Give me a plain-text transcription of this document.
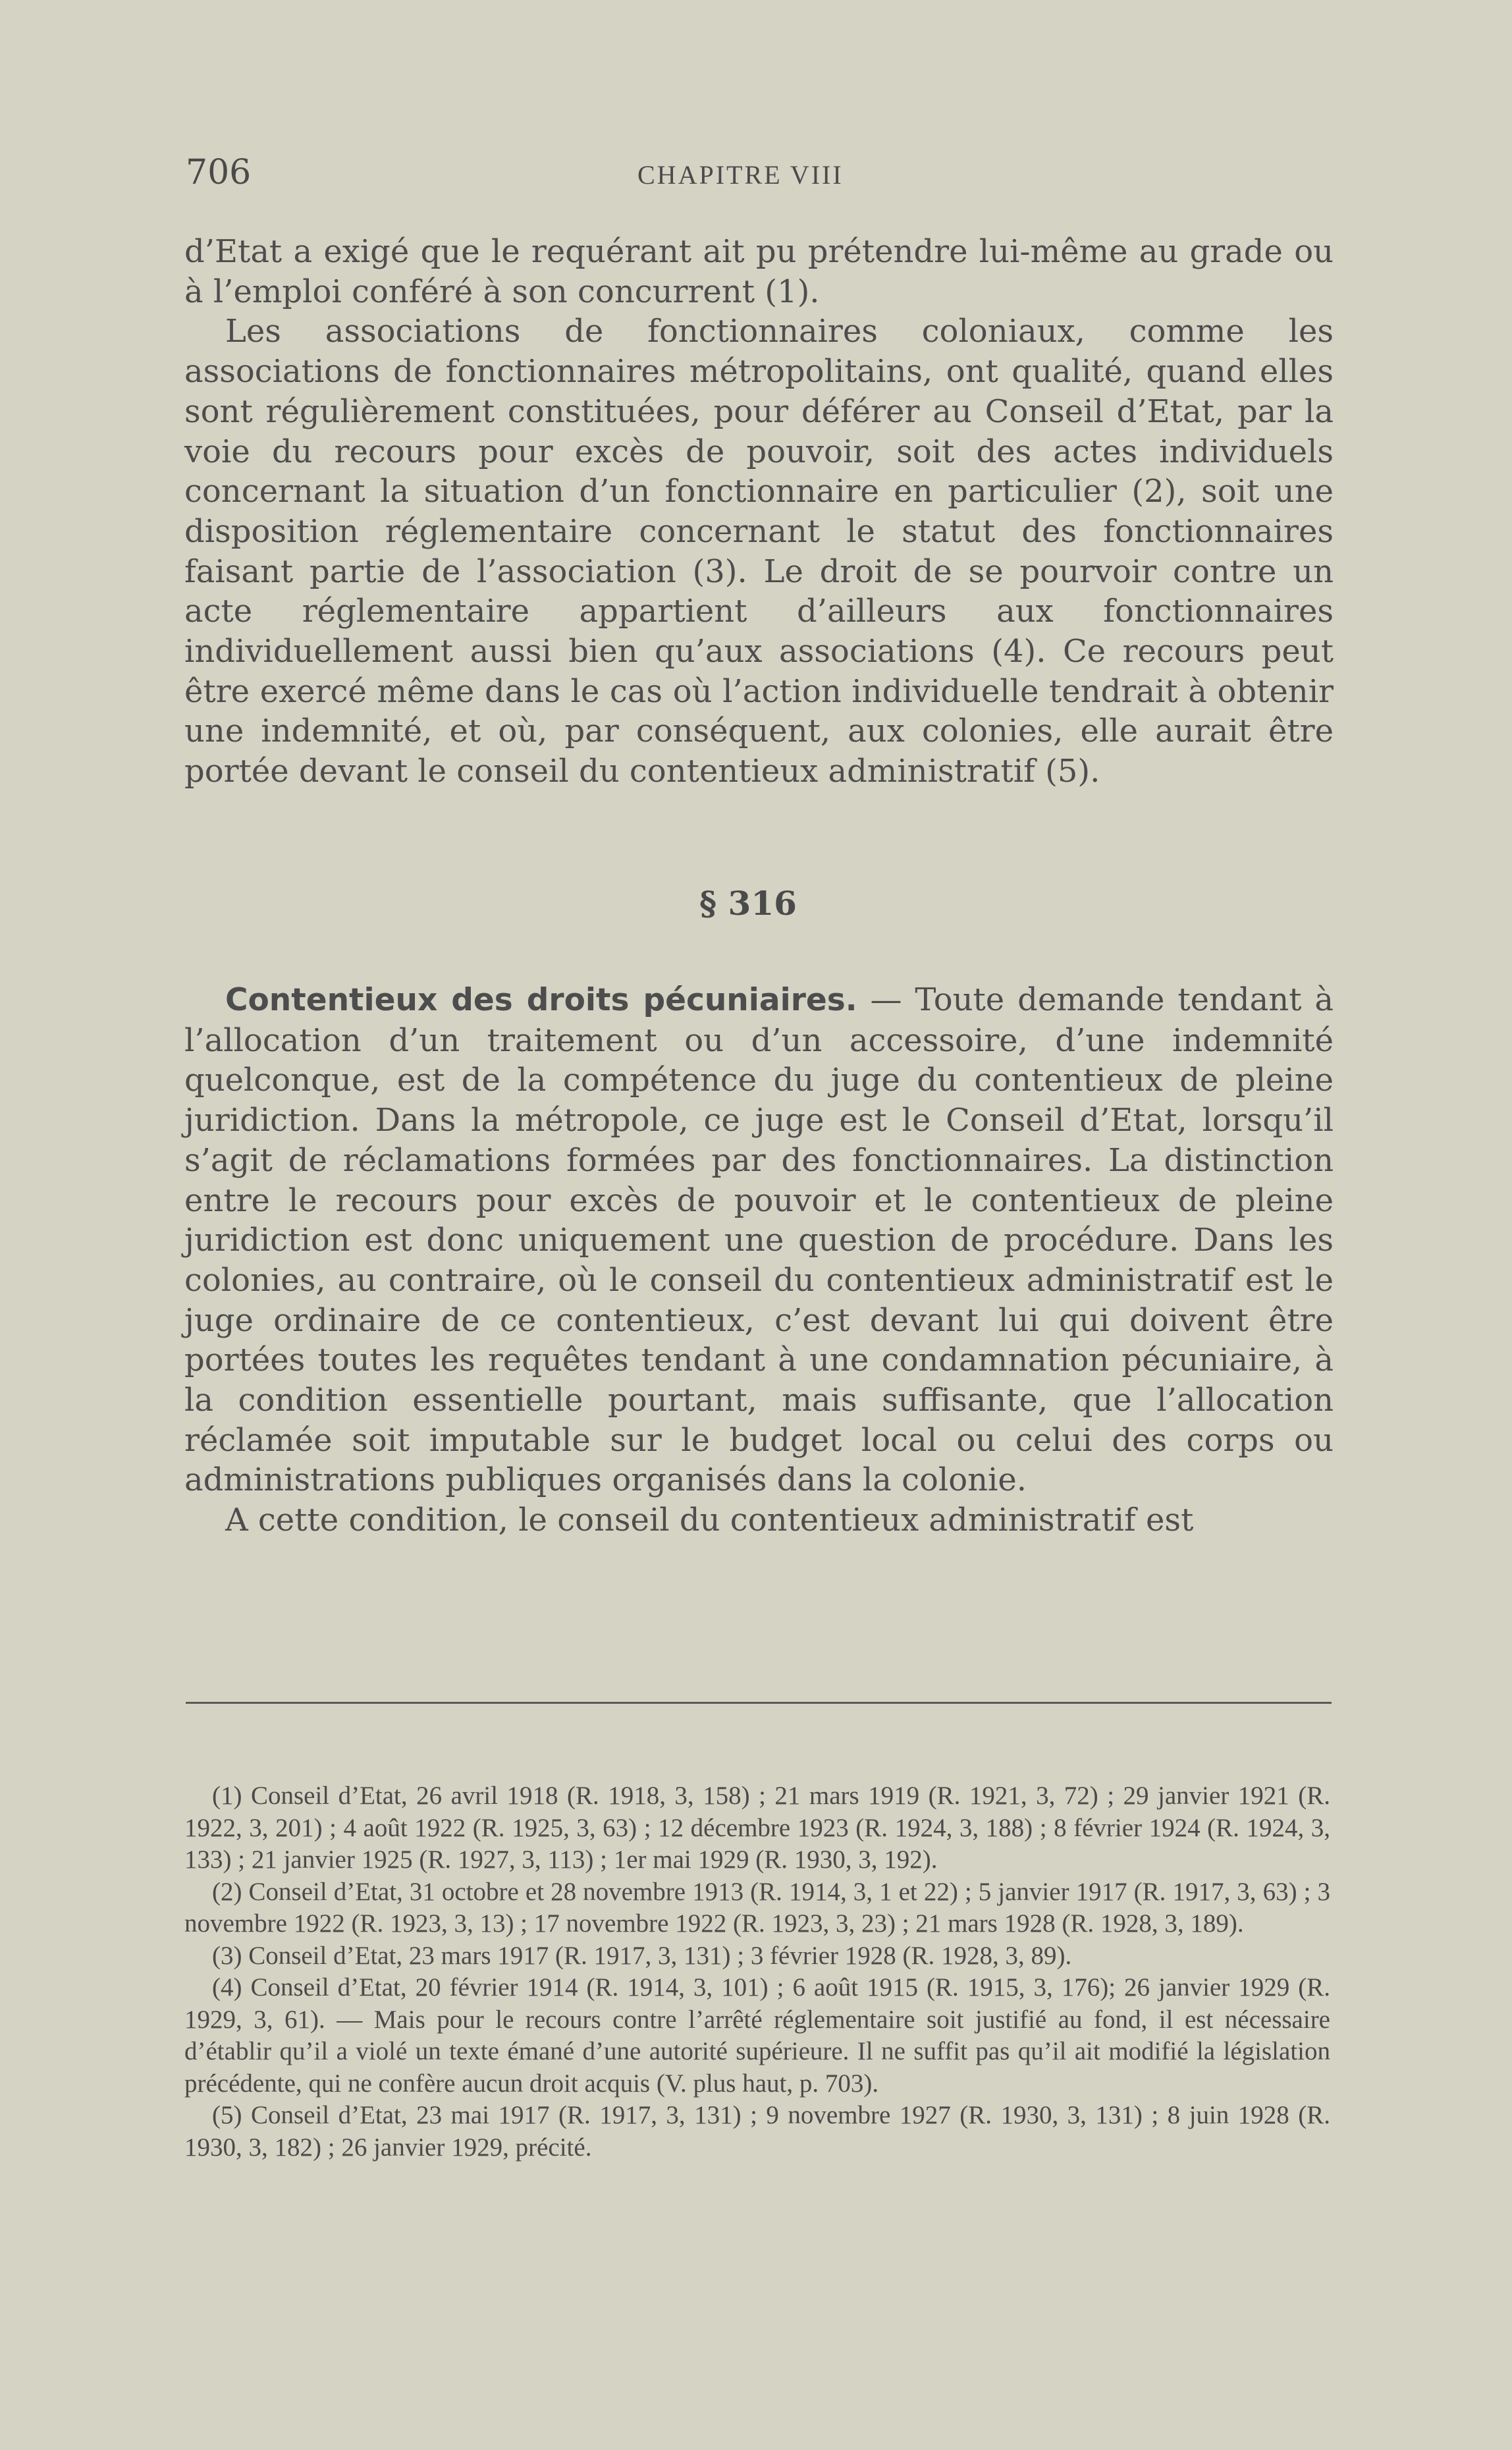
706	CHAPITRE VIII
d’Etat a exigé que le requérant ait pu prétendre lui-même au grade ou à l’emploi conféré à son concurrent (1).
Les associations de fonctionnaires coloniaux, comme les associations de fonctionnaires métropolitains, ont qualité, quand elles sont régulièrement constituées, pour déférer au Conseil d’Etat, par la voie du recours pour excès de pouvoir, soit des actes individuels concernant la situation d’un fonctionnaire en particulier (2), soit une disposition réglementaire concernant le statut des fonctionnaires faisant partie de l’association (3). Le droit de se pourvoir contre un acte réglementaire appartient d’ailleurs aux fonctionnaires individuellement aussi bien qu’aux associations (4). Ce recours peut être exercé même dans le cas où l’action individuelle tendrait à obtenir une indemnité, et où, par conséquent, aux colonies, elle aurait être portée devant le conseil du contentieux administratif (5).
§ 316
Contentieux des droits pécuniaires. — Toute demande tendant à l’allocation d’un traitement ou d’un accessoire, d’une indemnité quelconque, est de la compétence du juge du contentieux de pleine juridiction. Dans la métropole, ce juge est le Conseil d’Etat, lorsqu’il s’agit de réclamations formées par des fonctionnaires. La distinction entre le recours pour excès de pouvoir et le contentieux de pleine juridiction est donc uniquement une question de procédure. Dans les colonies, au contraire, où le conseil du contentieux administratif est le juge ordinaire de ce contentieux, c’est devant lui qui doivent être portées toutes les requêtes tendant à une condamnation pécuniaire, à la condition essentielle pourtant, mais suffisante, que l’allocation réclamée soit imputable sur le budget local ou celui des corps ou administrations publiques organisés dans la colonie.
A cette condition, le conseil du contentieux administratif est

(1) Conseil d’Etat, 26 avril 1918 (R. 1918, 3, 158) ; 21 mars 1919 (R. 1921, 3, 72) ; 29 janvier 1921 (R. 1922, 3, 201) ; 4 août 1922 (R. 1925, 3, 63) ; 12 décembre 1923 (R. 1924, 3, 188) ; 8 février 1924 (R. 1924, 3, 133) ; 21 janvier 1925 (R. 1927, 3, 113) ; 1er mai 1929 (R. 1930, 3, 192).

(2) Conseil d’Etat, 31 octobre et 28 novembre 1913 (R. 1914, 3, 1 et 22) ; 5 janvier 1917 (R. 1917, 3, 63) ; 3 novembre 1922 (R. 1923, 3, 13) ; 17 novembre 1922 (R. 1923, 3, 23) ; 21 mars 1928 (R. 1928, 3, 189).

(3) Conseil d’Etat, 23 mars 1917 (R. 1917, 3, 131) ; 3 février 1928 (R. 1928, 3, 89).

(4) Conseil d’Etat, 20 février 1914 (R. 1914, 3, 101) ; 6 août 1915 (R. 1915, 3, 176); 26 janvier 1929 (R. 1929, 3, 61). — Mais pour le recours contre l’arrêté réglementaire soit justifié au fond, il est nécessaire d’établir qu’il a violé un texte émané d’une autorité supérieure. Il ne suffit pas qu’il ait modifié la législation précédente, qui ne confère aucun droit acquis (V. plus haut, p. 703).

(5) Conseil d’Etat, 23 mai 1917 (R. 1917, 3, 131) ; 9 novembre 1927 (R. 1930, 3, 131) ; 8 juin 1928 (R. 1930, 3, 182) ; 26 janvier 1929, précité.
